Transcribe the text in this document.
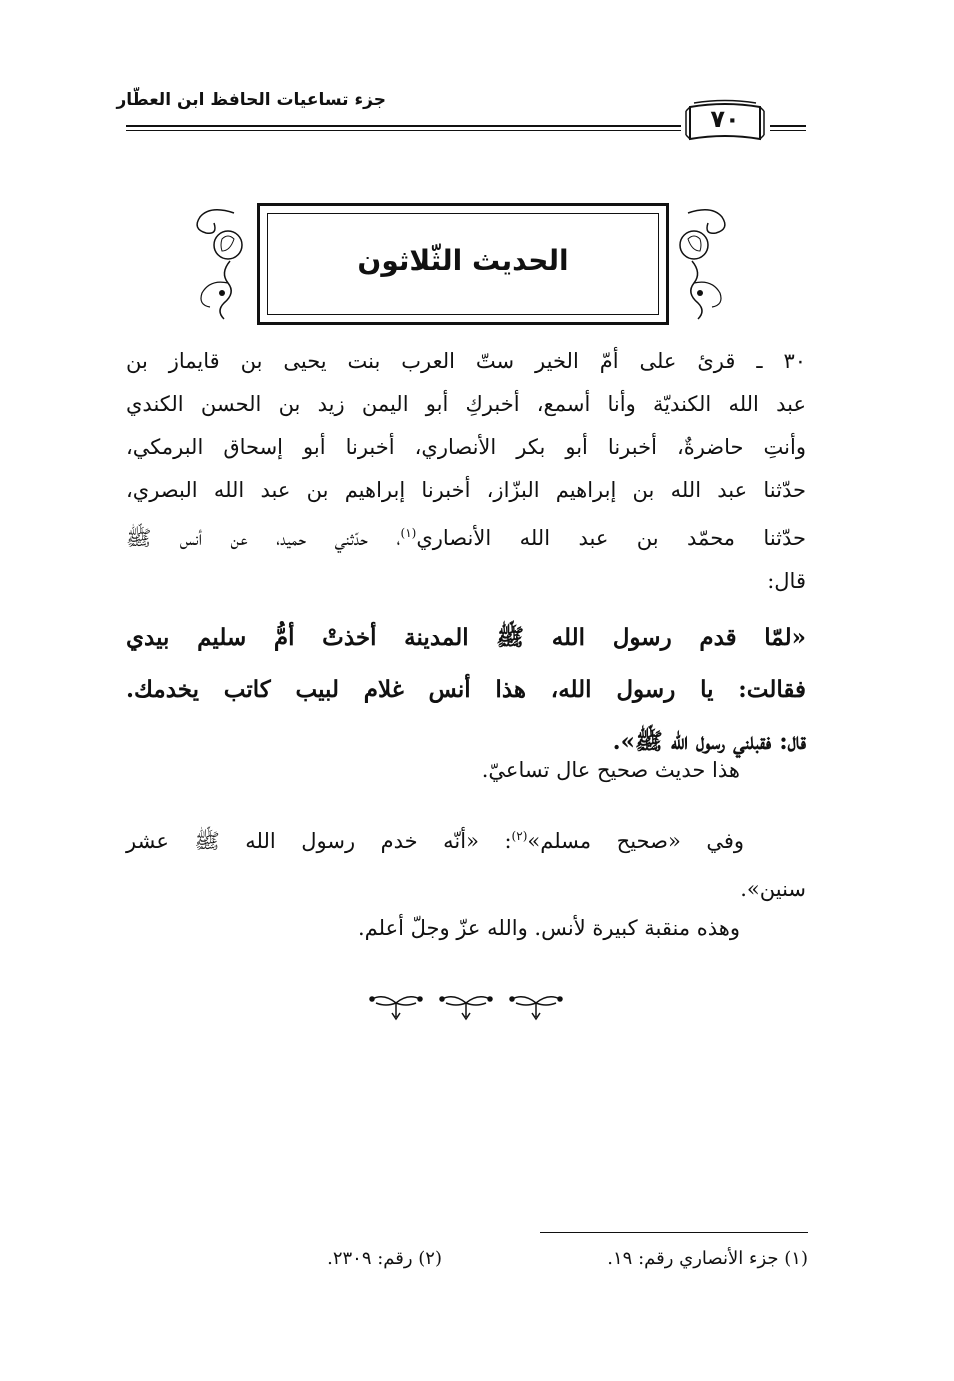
جزء تساعيات الحافظ ابن العطّار
٧٠
الحديث الثّلاثون
٣٠ ـ قرئ على أمّ الخير ستّ العرب بنت يحيى بن قايماز بن
عبد الله الكنديّة وأنا أسمع، أخبركِ أبو اليمن زيد بن الحسن الكندي
وأنتِ حاضرةٌ، أخبرنا أبو بكر الأنصاري، أخبرنا أبو إسحاق البرمكي،
حدّثنا عبد الله بن إبراهيم البزّاز، أخبرنا إبراهيم بن عبد الله البصري،
حدّثنا محمّد بن عبد الله الأنصاري$^{(١)}$، حدّثني حميد، عن أنس ﷺ
قال:
«لمّا قدم رسول الله ﷺ المدينة أخذتْ أمُّ سليم بيدي
فقالت: يا رسول الله، هذا أنس غلام لبيب كاتب يخدمك.
قال: فقبلني رسول الله ﷺ».
هذا حديث صحيح عال تساعيّ.
وفي «صحيح مسلم»$^{(٢)}$: «أنّه خدم رسول الله ﷺ عشر
سنين».
وهذه منقبة كبيرة لأنس. والله عزّ وجلّ أعلم.
(١) جزء الأنصاري رقم: ١٩.
(٢) رقم: ٢٣٠٩.
